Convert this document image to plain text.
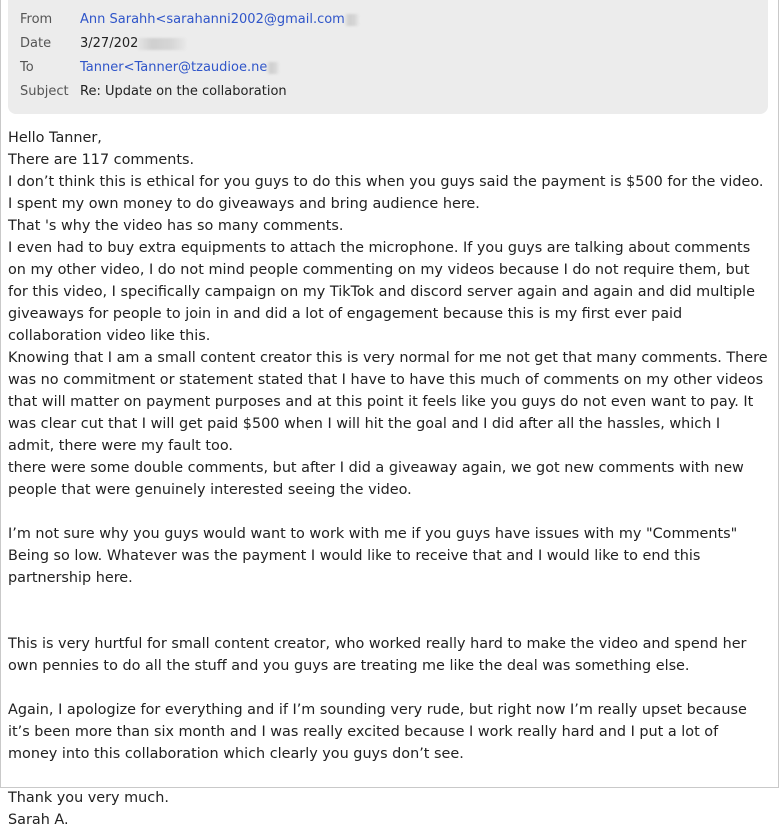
From Ann Sarahh<sarahanni2002@gmail.com
Date 3/27/202
To	Tanner<Tanner@tzaudioe.ne
Subject Re: Update on the collaboration

Hello Tanner,

There are 117 comments.

I don’t think this is ethical for you guys to do this when you guys said the payment is $500 for the video. I spent my own money to do giveaways and bring audience here.

That 's why the video has so many comments.

I even had to buy extra equipments to attach the microphone. If you guys are talking about comments on my other video, I do not mind people commenting on my videos because I do not require them, but for this video, I specifically campaign on my TikTok and discord server again and again and did multiple giveaways for people to join in and did a lot of engagement because this is my first ever paid collaboration video like this.

Knowing that I am a small content creator this is very normal for me not get that many comments. There was no commitment or statement stated that I have to have this much of comments on my other videos that will matter on payment purposes and at this point it feels like you guys do not even want to pay. It was clear cut that I will get paid $500 when I will hit the goal and I did after all the hassles, which I admit, there were my fault too.

there were some double comments, but after I did a giveaway again, we got new comments with new people that were genuinely interested seeing the video.

I’m not sure why you guys would want to work with me if you guys have issues with my "Comments" Being so low. Whatever was the payment I would like to receive that and I would like to end this partnership here.

This is very hurtful for small content creator, who worked really hard to make the video and spend her own pennies to do all the stuff and you guys are treating me like the deal was something else.

Again, I apologize for everything and if I’m sounding very rude, but right now I’m really upset because it’s been more than six month and I was really excited because I work really hard and I put a lot of money into this collaboration which clearly you guys don’t see.

Thank you very much.

Sarah A.
